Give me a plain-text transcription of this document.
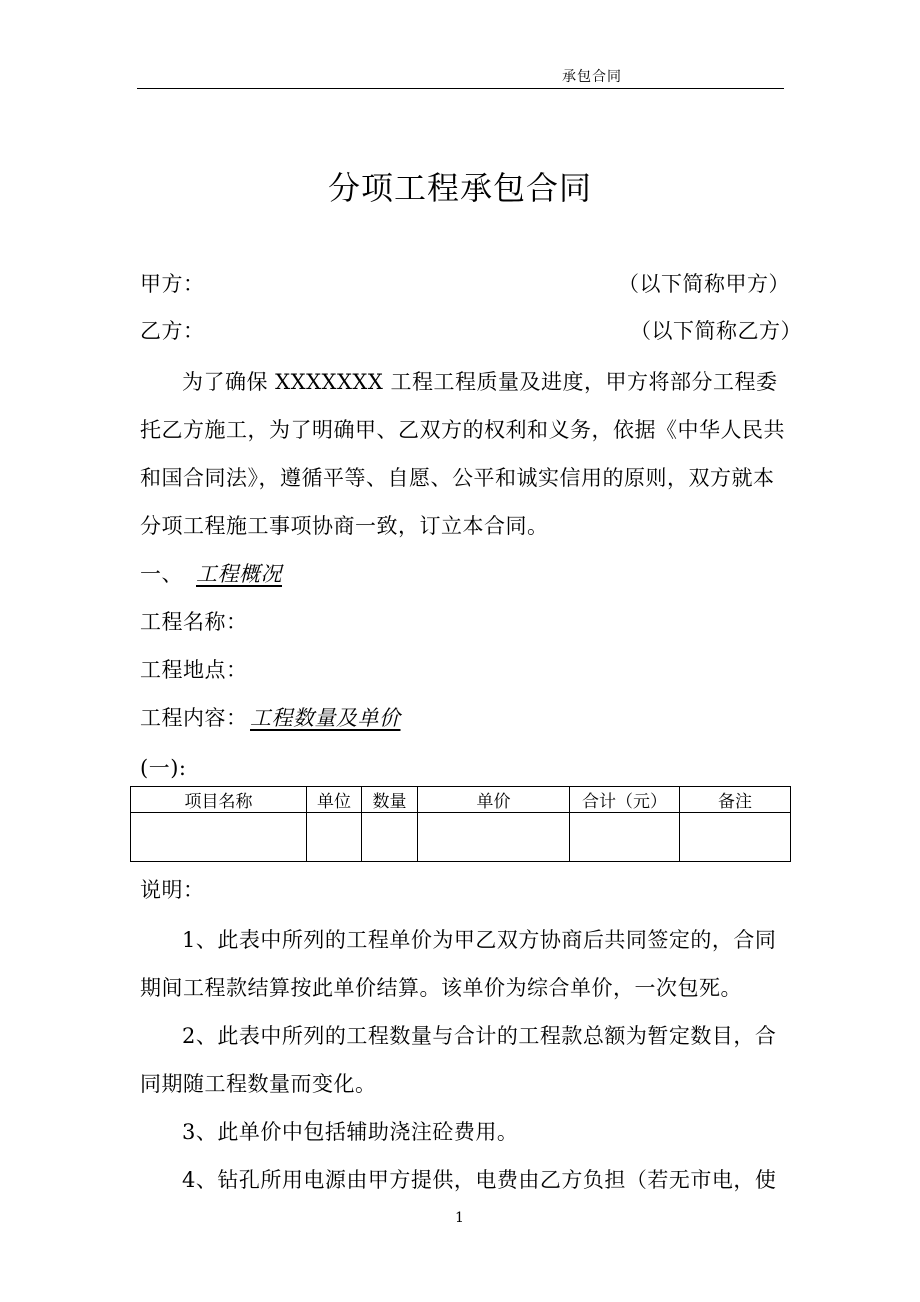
承包合同
分项工程承包合同
甲方：	（以下简称甲方）
乙方：	（以下简称乙方）
为了确保 XXXXXXX 工程工程质量及进度，甲方将部分工程委
托乙方施工，为了明确甲、乙双方的权利和义务，依据《中华人民共
和国合同法》，遵循平等、自愿、公平和诚实信用的原则，双方就本
分项工程施工事项协商一致，订立本合同。
一、 工程概况
工程名称：
工程地点：
工程内容： 工程数量及单价
(一):
项目名称	单位	数量	单价	合计（元）	备注

说明：
1、此表中所列的工程单价为甲乙双方协商后共同签定的，合同
期间工程款结算按此单价结算。该单价为综合单价，一次包死。
2、此表中所列的工程数量与合计的工程款总额为暂定数目，合
同期随工程数量而变化。
3、此单价中包括辅助浇注砼费用。
4、钻孔所用电源由甲方提供，电费由乙方负担（若无市电，使
1
